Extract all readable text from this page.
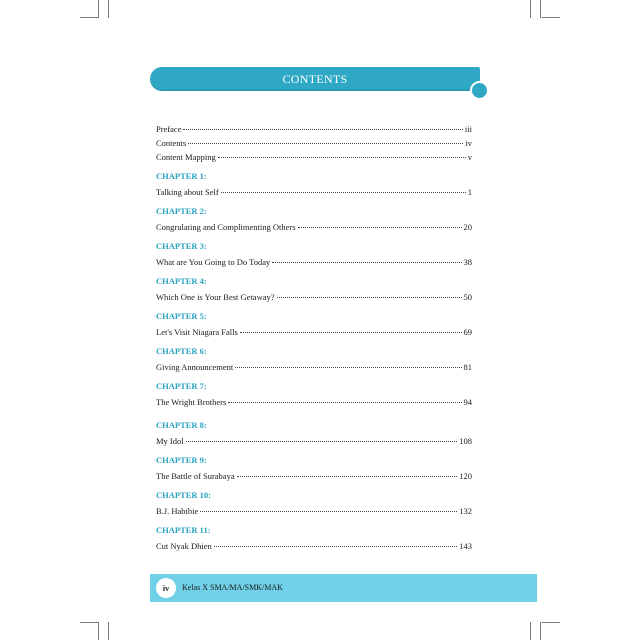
CONTENTS
Preface	iii
Contents	iv
Content Mapping	v
CHAPTER 1:
Talking about Self	1
CHAPTER 2:
Congrulating and Complimenting Others	20
CHAPTER 3:
What are You Going to Do Today	38
CHAPTER 4:
Which One is Your Best Getaway?	50
CHAPTER 5:
Let's Visit Niagara Falls	69
CHAPTER 6:
Giving Announcement	81
CHAPTER 7:
The Wright Brothers	94
CHAPTER 8:
My Idol	108
CHAPTER 9:
The Battle of Surabaya	120
CHAPTER 10:
B.J. Habibie	132
CHAPTER 11:
Cut Nyak Dhien	143
iv	Kelas X SMA/MA/SMK/MAK
